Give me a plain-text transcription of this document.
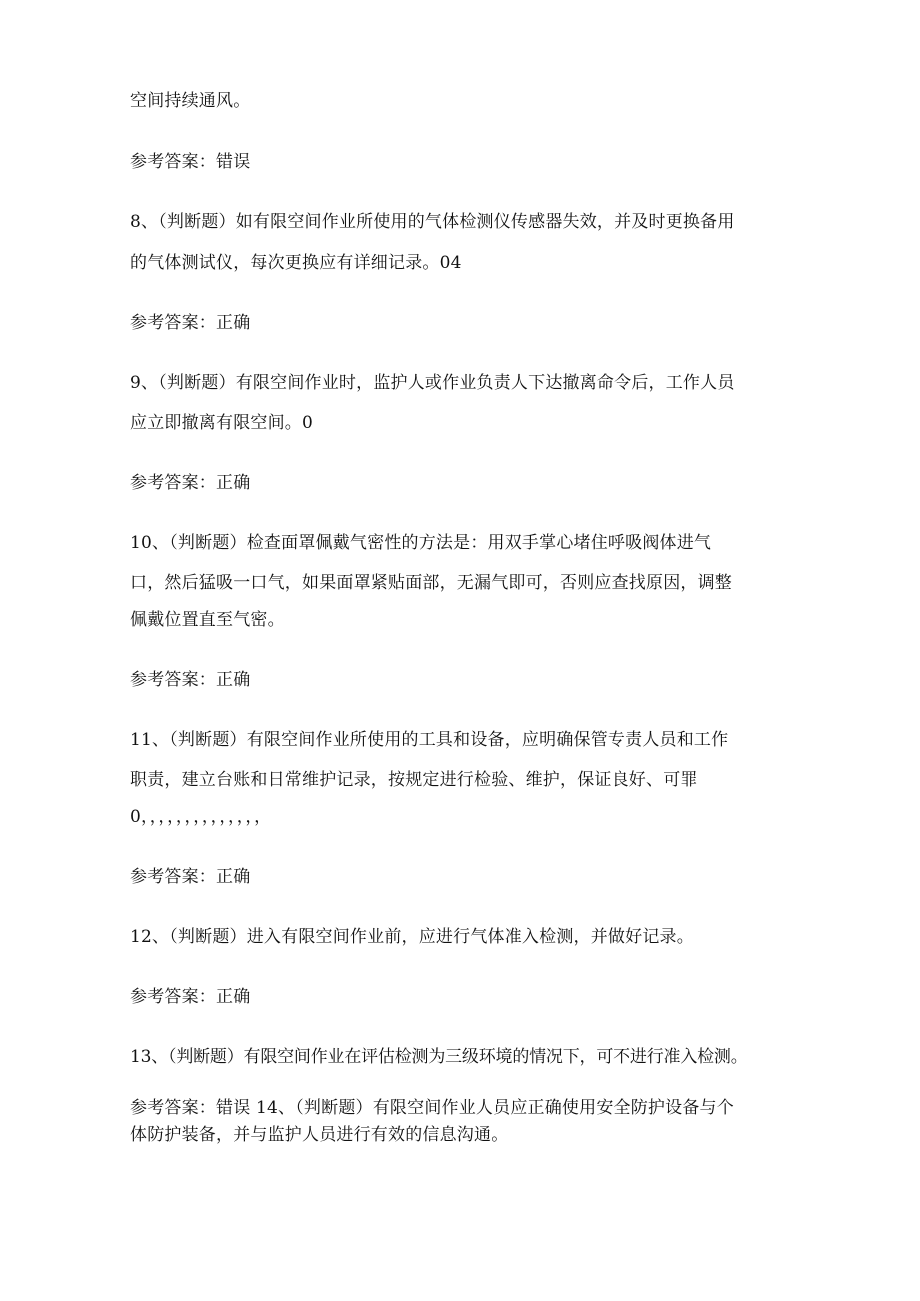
空间持续通风。
参考答案：错误
8、（判断题）如有限空间作业所使用的气体检测仪传感器失效，并及时更换备用
的气体测试仪，每次更换应有详细记录。04
参考答案：正确
9、（判断题）有限空间作业时，监护人或作业负责人下达撤离命令后，工作人员
应立即撤离有限空间。0
参考答案：正确
10、（判断题）检查面罩佩戴气密性的方法是：用双手掌心堵住呼吸阀体进气
口，然后猛吸一口气，如果面罩紧贴面部，无漏气即可，否则应查找原因，调整
佩戴位置直至气密。
参考答案：正确
11、（判断题）有限空间作业所使用的工具和设备，应明确保管专责人员和工作
职责，建立台账和日常维护记录，按规定进行检验、维护，保证良好、可罪
0，，，，，，，，，，，，，，
参考答案：正确
12、（判断题）进入有限空间作业前，应进行气体准入检测，并做好记录。
参考答案：正确
13、（判断题）有限空间作业在评估检测为三级环境的情况下，可不进行准入检测。
参考答案：错误 14、（判断题）有限空间作业人员应正确使用安全防护设备与个
体防护装备，并与监护人员进行有效的信息沟通。
